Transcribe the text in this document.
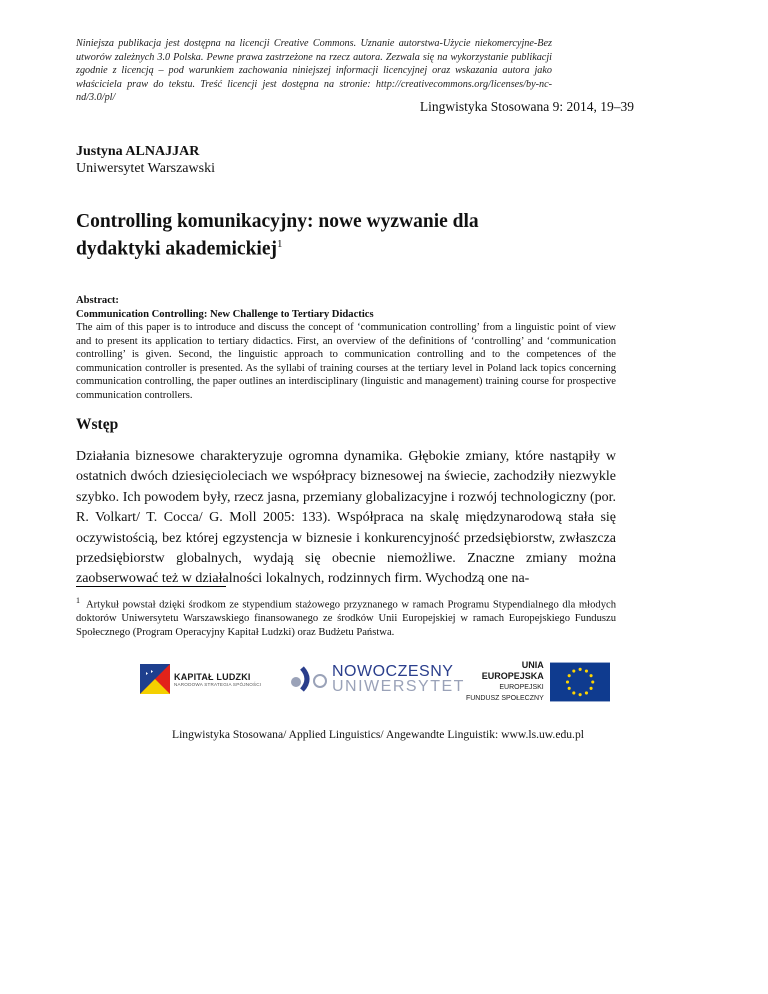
Niniejsza publikacja jest dostępna na licencji Creative Commons. Uznanie autorstwa-Użycie niekomercyjne-Bez utworów zależnych 3.0 Polska. Pewne prawa zastrzeżone na rzecz autora. Zezwala się na wykorzystanie publikacji zgodnie z licencją – pod warunkiem zachowania niniejszej informacji licencyjnej oraz wskazania autora jako właściciela praw do tekstu. Treść licencji jest dostępna na stronie: http://creativecommons.org/licenses/by-nc-nd/3.0/pl/
Lingwistyka Stosowana 9: 2014, 19–39
Justyna ALNAJJAR
Uniwersytet Warszawski
Controlling komunikacyjny: nowe wyzwanie dla dydaktyki akademickiej$^1$
Abstract:
Communication Controlling: New Challenge to Tertiary Didactics
The aim of this paper is to introduce and discuss the concept of ‘communication controlling’ from a linguistic point of view and to present its application to tertiary didactics. First, an overview of the definitions of ‘controlling’ and ‘communication controlling’ is given. Second, the linguistic approach to communication controlling and to the competences of the communication controller is presented. As the syllabi of training courses at the tertiary level in Poland lack topics concerning communication controlling, the paper outlines an interdisciplinary (linguistic and management) training course for prospective communication controllers.
Wstęp
Działania biznesowe charakteryzuje ogromna dynamika. Głębokie zmiany, które nastąpiły w ostatnich dwóch dziesięcioleciach we współpracy biznesowej na świecie, zachodziły niezwykle szybko. Ich powodem były, rzecz jasna, przemiany globalizacyjne i rozwój technologiczny (por. R. Volkart/ T. Cocca/ G. Moll 2005: 133). Współpraca na skalę międzynarodową stała się oczywistością, bez której egzystencja w biznesie i konkurencyjność przedsiębiorstw, zwłaszcza przedsiębiorstw globalnych, wydają się obecnie niemożliwe. Znaczne zmiany można zaobserwować też w działalności lokalnych, rodzinnych firm. Wychodzą one na-
$^1$ Artykuł powstał dzięki środkom ze stypendium stażowego przyznanego w ramach Programu Stypendialnego dla młodych doktorów Uniwersytetu Warszawskiego finansowanego ze środków Unii Europejskiej w ramach Europejskiego Funduszu Społecznego (Program Operacyjny Kapitał Ludzki) oraz Budżetu Państwa.
KAPITAŁ LUDZKI
NARODOWA STRATEGIA SPÓJNOŚCI
NOWOCZESNY
UNIWERSYTET
UNIA EUROPEJSKA
EUROPEJSKI
FUNDUSZ SPOŁECZNY
Lingwistyka Stosowana/ Applied Linguistics/ Angewandte Linguistik: www.ls.uw.edu.pl
